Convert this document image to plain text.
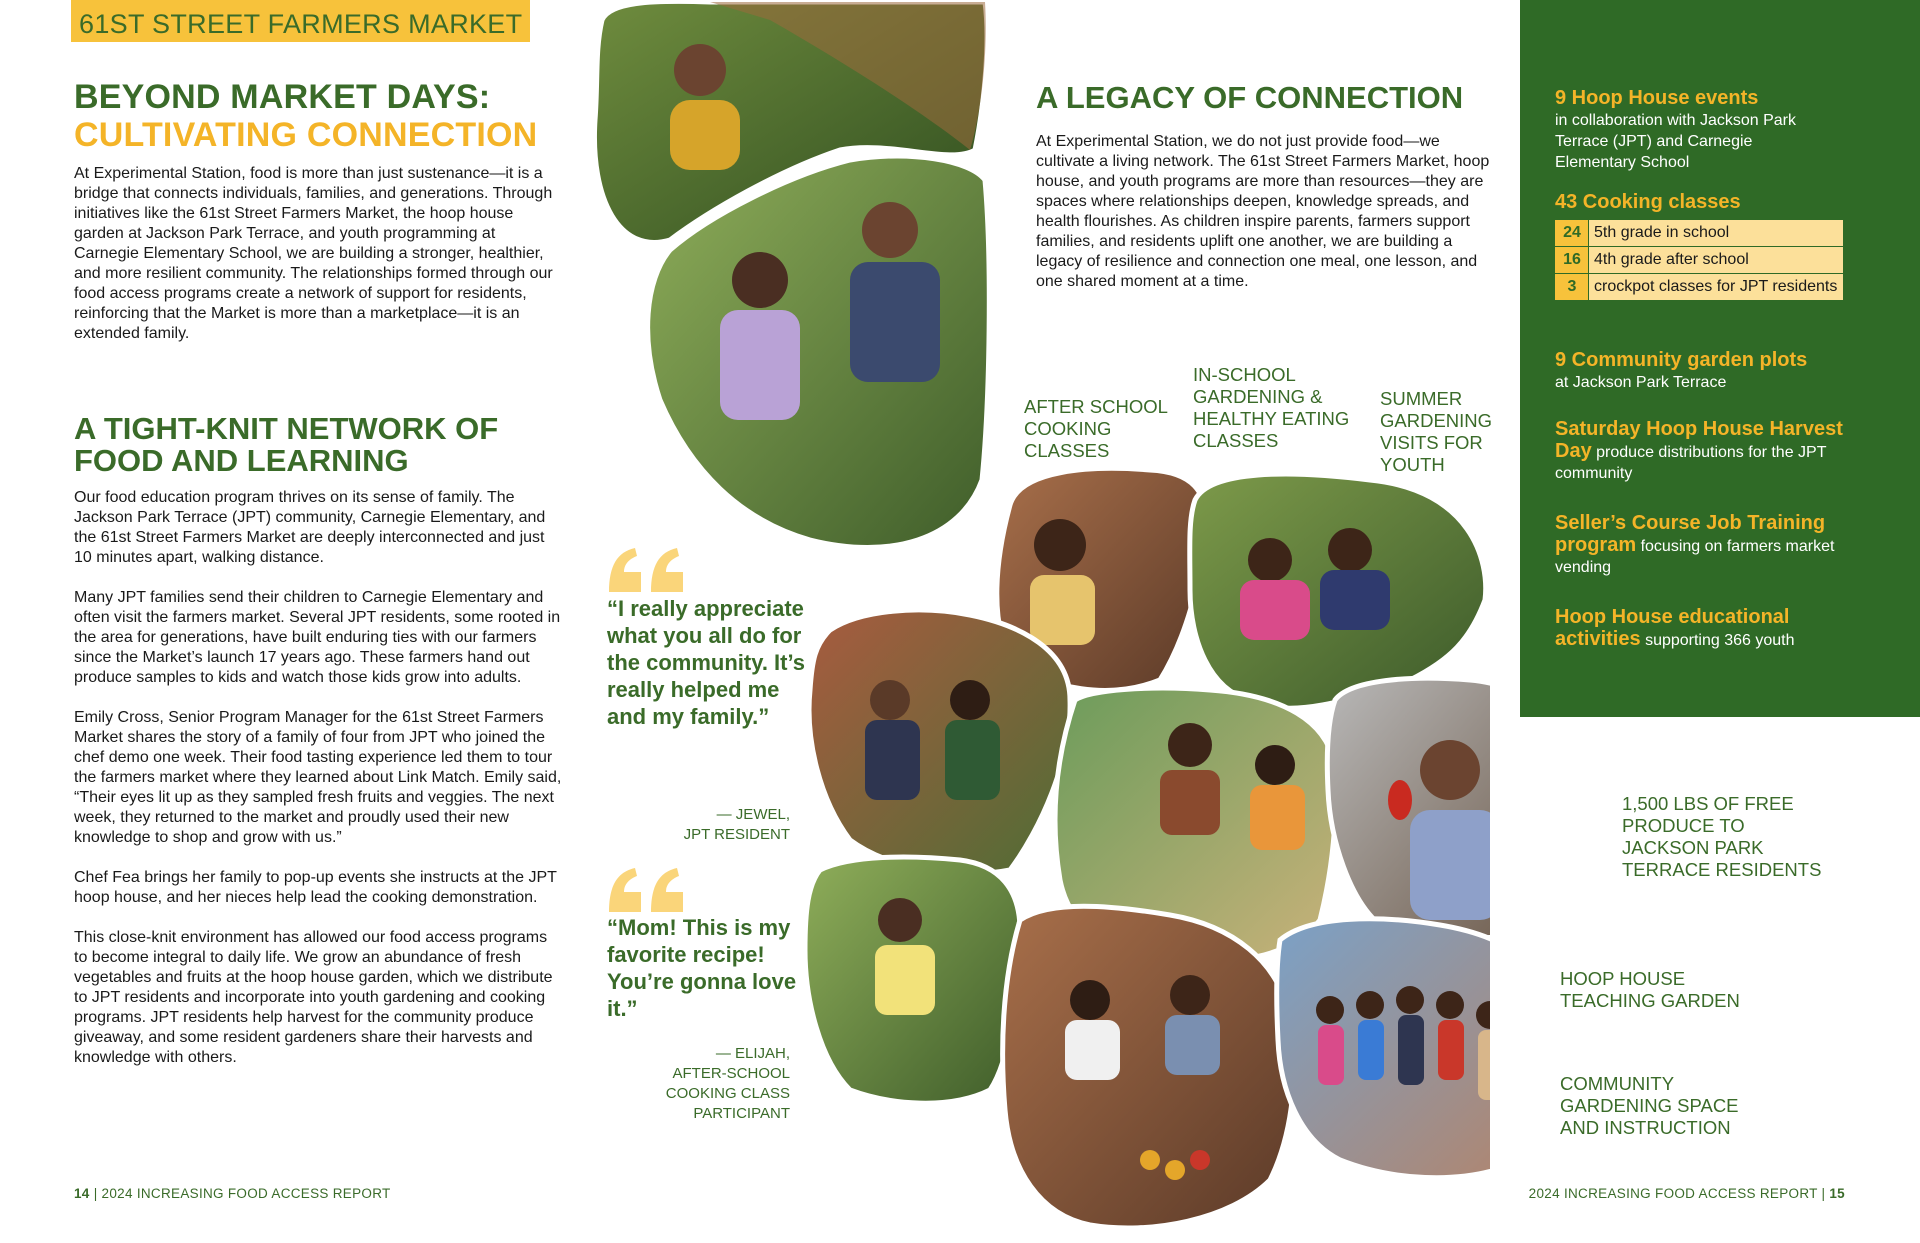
61ST STREET FARMERS MARKET
BEYOND MARKET DAYS:
CULTIVATING CONNECTION
At Experimental Station, food is more than just sustenance—it is a bridge that connects individuals, families, and generations. Through initiatives like the 61st Street Farmers Market, the hoop house garden at Jackson Park Terrace, and youth programming at Carnegie Elementary School, we are building a stronger, healthier, and more resilient community. The relationships formed through our food access programs create a network of support for residents, reinforcing that the Market is more than a marketplace—it is an extended family.
A TIGHT-KNIT NETWORK OF FOOD AND LEARNING

Our food education program thrives on its sense of family. The Jackson Park Terrace (JPT) community, Carnegie Elementary, and the 61st Street Farmers Market are deeply interconnected and just 10 minutes apart, walking distance.

Many JPT families send their children to Carnegie Elementary and often visit the farmers market. Several JPT residents, some rooted in the area for generations, have built enduring ties with our farmers since the Market’s launch 17 years ago. These farmers hand out produce samples to kids and watch those kids grow into adults.

Emily Cross, Senior Program Manager for the 61st Street Farmers Market shares the story of a family of four from JPT who joined the chef demo one week. Their food tasting experience led them to tour the farmers market where they learned about Link Match. Emily said, “Their eyes lit up as they sampled fresh fruits and veggies. The next week, they returned to the market and proudly used their new knowledge to shop and grow with us.”

Chef Fea brings her family to pop-up events she instructs at the JPT hoop house, and her nieces help lead the cooking demonstration.

This close-knit environment has allowed our food access programs to become integral to daily life. We grow an abundance of fresh vegetables and fruits at the hoop house garden, which we distribute to JPT residents and incorporate into youth gardening and cooking programs. JPT residents help harvest for the community produce giveaway, and some resident gardeners share their harvests and knowledge with others.

“I really appreciate what you all do for the community. It’s really helped me and my family.”
— JEWEL,
JPT RESIDENT
“Mom! This is my favorite recipe! You’re gonna love it.”
— ELIJAH,
AFTER-SCHOOL
COOKING CLASS
PARTICIPANT
A LEGACY OF CONNECTION
At Experimental Station, we do not just provide food—we cultivate a living network. The 61st Street Farmers Market, hoop house, and youth programs are more than resources—they are spaces where relationships deepen, knowledge spreads, and health flourishes. As children inspire parents, farmers support families, and residents uplift one another, we are building a legacy of resilience and connection one meal, one lesson, and one shared moment at a time.
AFTER SCHOOL COOKING CLASSES
IN-SCHOOL GARDENING & HEALTHY EATING CLASSES
SUMMER GARDENING VISITS FOR YOUTH
1,500 LBS OF FREE PRODUCE TO JACKSON PARK TERRACE RESIDENTS
HOOP HOUSE TEACHING GARDEN
COMMUNITY GARDENING SPACE AND INSTRUCTION
9 Hoop House events
in collaboration with Jackson Park Terrace (JPT) and Carnegie Elementary School
43 Cooking classes
24	5th grade in school
16	4th grade after school
3	crockpot classes for JPT residents
9 Community garden plots
at Jackson Park Terrace
Saturday Hoop House Harvest Day produce distributions for the JPT community
Seller’s Course Job Training program focusing on farmers market vending
Hoop House educational activities supporting 366 youth
14 | 2024 INCREASING FOOD ACCESS REPORT	2024 INCREASING FOOD ACCESS REPORT | 15
